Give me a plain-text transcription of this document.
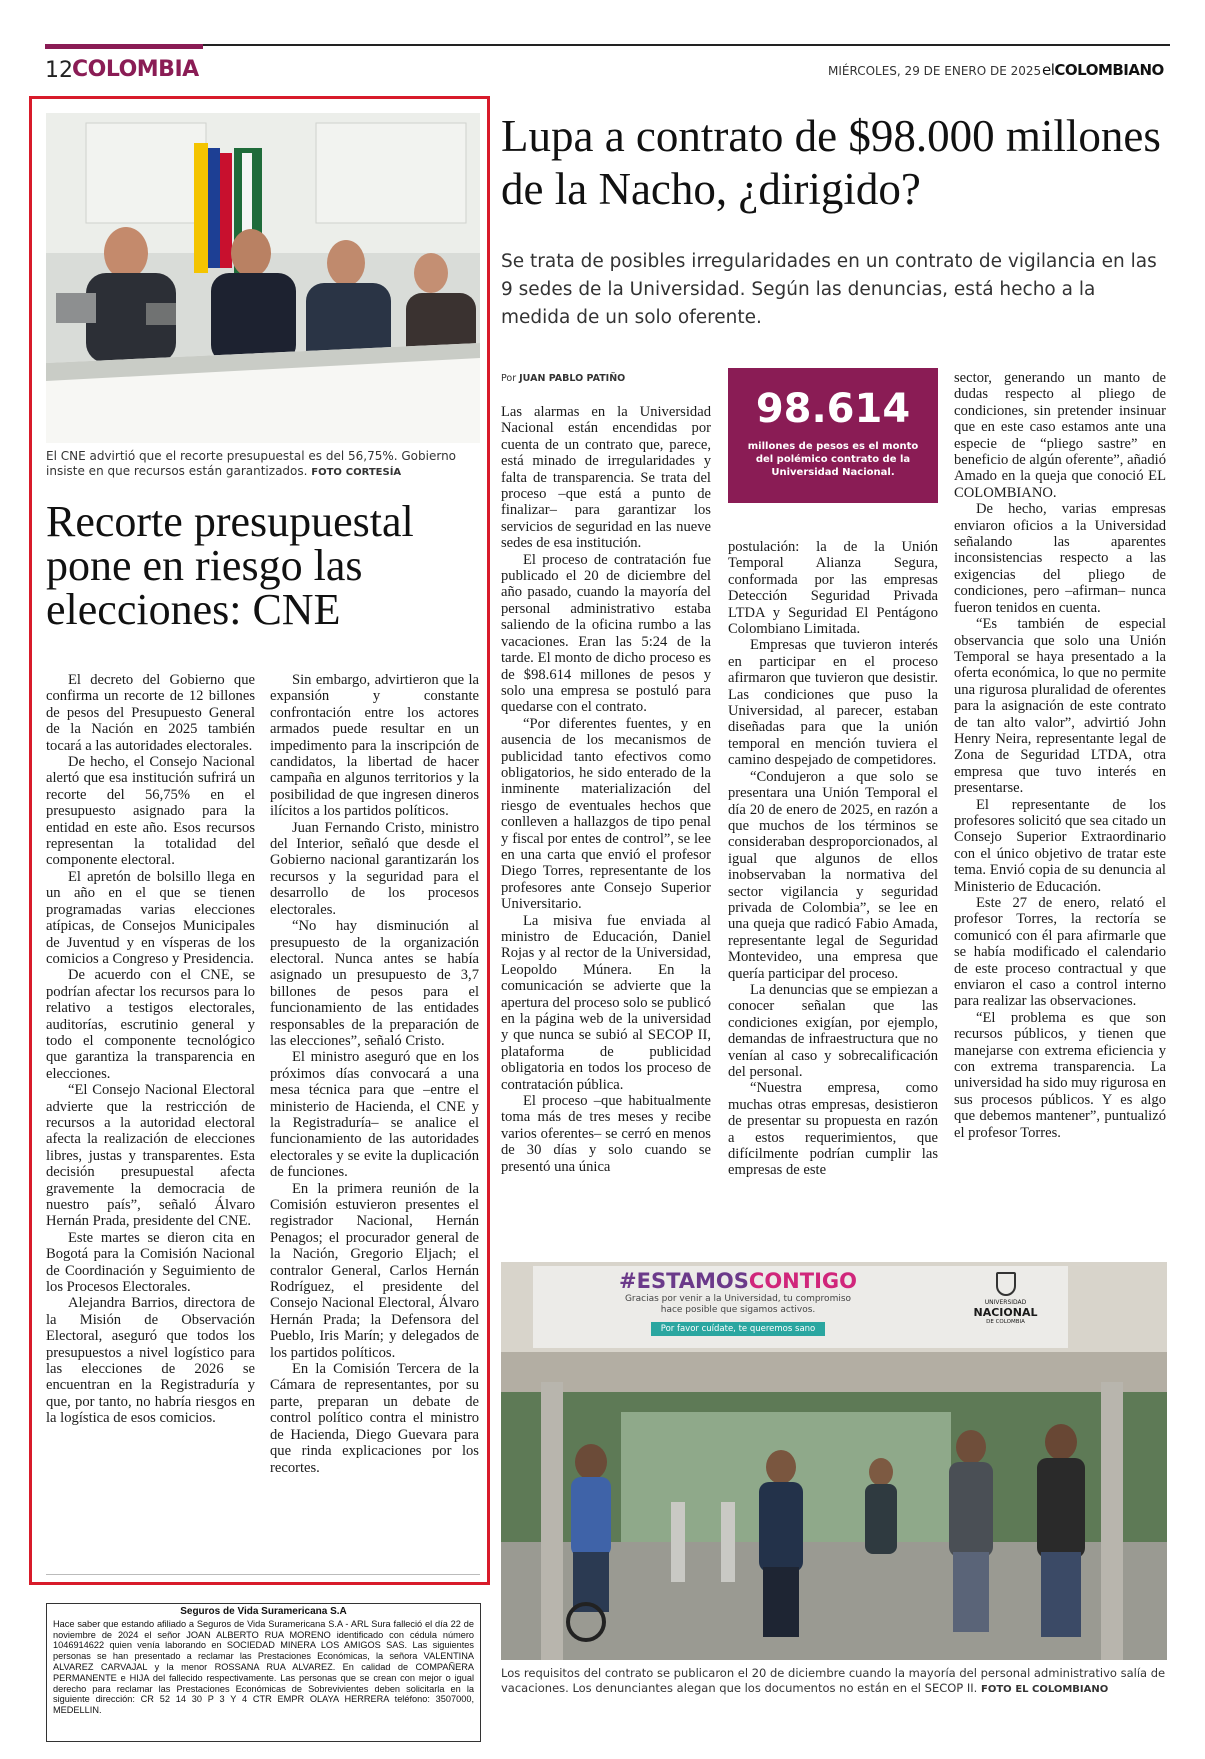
12 COLOMBIA	MIÉRCOLES, 29 DE ENERO DE 2025 elCOLOMBIANO
El CNE advirtió que el recorte presupuestal es del 56,75%. Gobierno insiste en que recursos están garantizados. FOTO CORTESÍA
Recorte presupuestal pone en riesgo las elecciones: CNE

El decreto del Gobierno que confirma un recorte de 12 billones de pesos del Presupuesto General de la Nación en 2025 también tocará a las autoridades electorales.

De hecho, el Consejo Nacional alertó que esa institución sufrirá un recorte del 56,75% en el presupuesto asignado para la entidad en este año. Esos recursos representan la totalidad del componente electoral.

El apretón de bolsillo llega en un año en el que se tienen programadas varias elecciones atípicas, de Consejos Municipales de Juventud y en vísperas de los comicios a Congreso y Presidencia.

De acuerdo con el CNE, se podrían afectar los recursos para lo relativo a testigos electorales, auditorías, escrutinio general y todo el componente tecnológico que garantiza la transparencia en elecciones.

“El Consejo Nacional Electoral advierte que la restricción de recursos a la autoridad electoral afecta la realización de elecciones libres, justas y transparentes. Esta decisión presupuestal afecta gravemente la democracia de nuestro país”, señaló Álvaro Hernán Prada, presidente del CNE.

Este martes se dieron cita en Bogotá para la Comisión Nacional de Coordinación y Seguimiento de los Procesos Electorales.

Alejandra Barrios, directora de la Misión de Observación Electoral, aseguró que todos los presupuestos a nivel logístico para las elecciones de 2026 se encuentran en la Registraduría y que, por tanto, no habría riesgos en la logística de esos comicios.

Sin embargo, advirtieron que la expansión y constante confrontación entre los actores armados puede resultar en un impedimento para la inscripción de candidatos, la libertad de hacer campaña en algunos territorios y la posibilidad de que ingresen dineros ilícitos a los partidos políticos.

Juan Fernando Cristo, ministro del Interior, señaló que desde el Gobierno nacional garantizarán los recursos y la seguridad para el desarrollo de los procesos electorales.

“No hay disminución al presupuesto de la organización electoral. Nunca antes se había asignado un presupuesto de 3,7 billones de pesos para el funcionamiento de las entidades responsables de la preparación de las elecciones”, señaló Cristo.

El ministro aseguró que en los próximos días convocará a una mesa técnica para que –entre el ministerio de Hacienda, el CNE y la Registraduría– se analice el funcionamiento de las autoridades electorales y se evite la duplicación de funciones.

En la primera reunión de la Comisión estuvieron presentes el registrador Nacional, Hernán Penagos; el procurador general de la Nación, Gregorio Eljach; el contralor General, Carlos Hernán Rodríguez, el presidente del Consejo Nacional Electoral, Álvaro Hernán Prada; la Defensora del Pueblo, Iris Marín; y delegados de los partidos políticos.

En la Comisión Tercera de la Cámara de representantes, por su parte, preparan un debate de control político contra el ministro de Hacienda, Diego Guevara para que rinda explicaciones por los recortes.

Seguros de Vida Suramericana S.A
Hace saber que estando afiliado a Seguros de Vida Suramericana S.A - ARL Sura falleció el día 22 de noviembre de 2024 el señor JOAN ALBERTO RUA MORENO identificado con cédula número 1046914622 quien venía laborando en SOCIEDAD MINERA LOS AMIGOS SAS. Las siguientes personas se han presentado a reclamar las Prestaciones Económicas, la señora VALENTINA ALVAREZ CARVAJAL y la menor ROSSANA RUA ALVAREZ. En calidad de COMPAÑERA PERMANENTE e HIJA del fallecido respectivamente. Las personas que se crean con mejor o igual derecho para reclamar las Prestaciones Económicas de Sobrevivientes deben solicitarla en la siguiente dirección: CR 52 14 30 P 3 Y 4 CTR EMPR OLAYA HERRERA teléfono: 3507000, MEDELLIN.
Lupa a contrato de $98.000 millones de la Nacho, ¿dirigido?
Se trata de posibles irregularidades en un contrato de vigilancia en las 9 sedes de la Universidad. Según las denuncias, está hecho a la medida de un solo oferente.
Por JUAN PABLO PATIÑO
98.614
millones de pesos es el monto del polémico contrato de la Universidad Nacional.

Las alarmas en la Universidad Nacional están encendidas por cuenta de un contrato que, parece, está minado de irregularidades y falta de transparencia. Se trata del proceso –que está a punto de finalizar– para garantizar los servicios de seguridad en las nueve sedes de esa institución.

El proceso de contratación fue publicado el 20 de diciembre del año pasado, cuando la mayoría del personal administrativo estaba saliendo de la oficina rumbo a las vacaciones. Eran las 5:24 de la tarde. El monto de dicho proceso es de $98.614 millones de pesos y solo una empresa se postuló para quedarse con el contrato.

“Por diferentes fuentes, y en ausencia de los mecanismos de publicidad tanto efectivos como obligatorios, he sido enterado de la inminente materialización del riesgo de eventuales hechos que conlleven a hallazgos de tipo penal y fiscal por entes de control”, se lee en una carta que envió el profesor Diego Torres, representante de los profesores ante Consejo Superior Universitario.

La misiva fue enviada al ministro de Educación, Daniel Rojas y al rector de la Universidad, Leopoldo Múnera. En la comunicación se advierte que la apertura del proceso solo se publicó en la página web de la universidad y que nunca se subió al SECOP II, plataforma de publicidad obligatoria en todos los proceso de contratación pública.

El proceso –que habitualmente toma más de tres meses y recibe varios oferentes– se cerró en menos de 30 días y solo cuando se presentó una única

postulación: la de la Unión Temporal Alianza Segura, conformada por las empresas Detección Seguridad Privada LTDA y Seguridad El Pentágono Colombiano Limitada.

Empresas que tuvieron interés en participar en el proceso afirmaron que tuvieron que desistir. Las condiciones que puso la Universidad, al parecer, estaban diseñadas para que la unión temporal en mención tuviera el camino despejado de competidores.

“Condujeron a que solo se presentara una Unión Temporal el día 20 de enero de 2025, en razón a que muchos de los términos se consideraban desproporcionados, al igual que algunos de ellos inobservaban la normativa del sector vigilancia y seguridad privada de Colombia”, se lee en una queja que radicó Fabio Amada, representante legal de Seguridad Montevideo, una empresa que quería participar del proceso.

La denuncias que se empiezan a conocer señalan que las condiciones exigían, por ejemplo, demandas de infraestructura que no venían al caso y sobrecalificación del personal.

“Nuestra empresa, como muchas otras empresas, desistieron de presentar su propuesta en razón a estos requerimientos, que difícilmente podrían cumplir las empresas de este

sector, generando un manto de dudas respecto al pliego de condiciones, sin pretender insinuar que en este caso estamos ante una especie de “pliego sastre” en beneficio de algún oferente”, añadió Amado en la queja que conoció EL COLOMBIANO.

De hecho, varias empresas enviaron oficios a la Universidad señalando las aparentes inconsistencias respecto a las exigencias del pliego de condiciones, pero –afirman– nunca fueron tenidos en cuenta.

“Es también de especial observancia que solo una Unión Temporal se haya presentado a la oferta económica, lo que no permite una rigurosa pluralidad de oferentes para la asignación de este contrato de tan alto valor”, advirtió John Henry Neira, representante legal de Zona de Seguridad LTDA, otra empresa que tuvo interés en presentarse.

El representante de los profesores solicitó que sea citado un Consejo Superior Extraordinario con el único objetivo de tratar este tema. Envió copia de su denuncia al Ministerio de Educación.

Este 27 de enero, relató el profesor Torres, la rectoría se comunicó con él para afirmarle que se había modificado el calendario de este proceso contractual y que enviaron el caso a control interno para realizar las observaciones.

“El problema es que son recursos públicos, y tienen que manejarse con extrema eficiencia y con extrema transparencia. La universidad ha sido muy rigurosa en sus procesos públicos. Y es algo que debemos mantener”, puntualizó el profesor Torres.

#ESTAMOSCONTIGO
Gracias por venir a la Universidad, tu compromiso
hace posible que sigamos activos.
Por favor cuídate, te queremos sano
UNIVERSIDAD
NACIONAL
DE COLOMBIA
Los requisitos del contrato se publicaron el 20 de diciembre cuando la mayoría del personal administrativo salía de vacaciones. Los denunciantes alegan que los documentos no están en el SECOP II. FOTO EL COLOMBIANO
